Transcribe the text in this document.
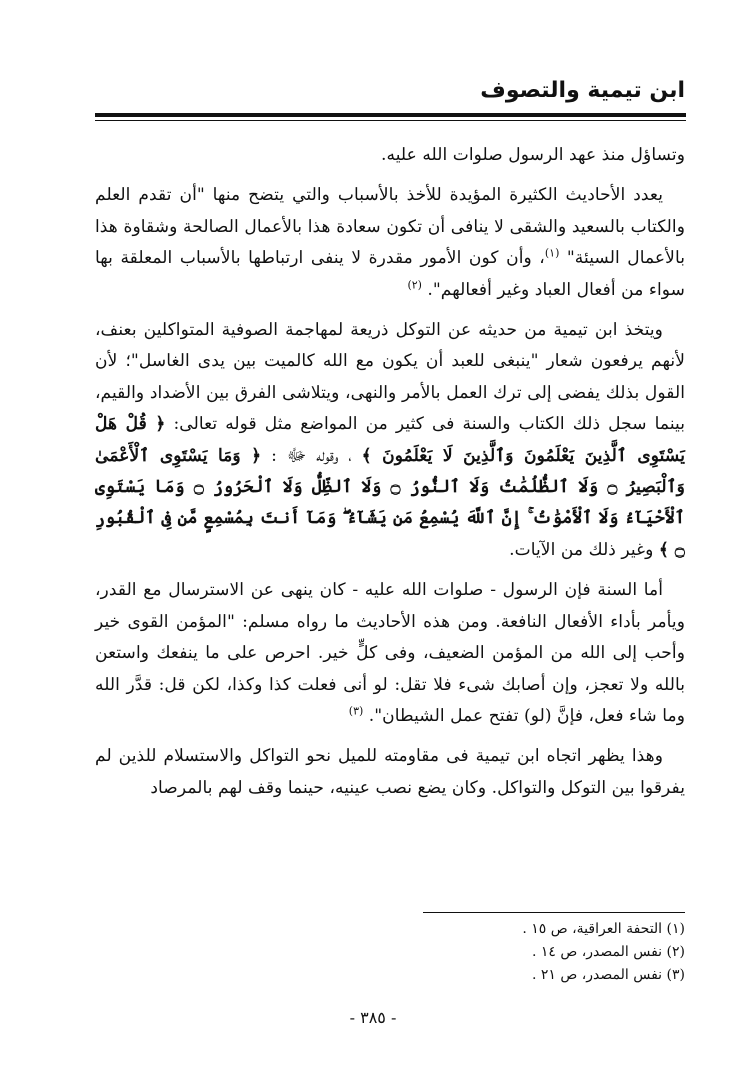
ابن تيمية والتصوف

وتساؤل منذ عهد الرسول صلوات الله عليه.

يعدد الأحاديث الكثيرة المؤيدة للأخذ بالأسباب والتي يتضح منها "أن تقدم العلم والكتاب بالسعيد والشقى لا ينافى أن تكون سعادة هذا بالأعمال الصالحة وشقاوة هذا بالأعمال السيئة" $^{(١)}$، وأن كون الأمور مقدرة لا ينفى ارتباطها بالأسباب المعلقة بها سواء من أفعال العباد وغير أفعالهم". $^{(٢)}$

ويتخذ ابن تيمية من حديثه عن التوكل ذريعة لمهاجمة الصوفية المتواكلين بعنف، لأنهم يرفعون شعار "ينبغى للعبد أن يكون مع الله كالميت بين يدى الغاسل"؛ لأن القول بذلك يفضى إلى ترك العمل بالأمر والنهى، ويتلاشى الفرق بين الأضداد والقيم، بينما سجل ذلك الكتاب والسنة فى كثير من المواضع مثل قوله تعالى: ﴿ قُلْ هَلْ يَسْتَوِى ٱلَّذِينَ يَعْلَمُونَ وَٱلَّذِينَ لَا يَعْلَمُونَ ﴾ ، وقوله ﷻ : ﴿ وَمَا يَسْتَوِى ٱلْأَعْمَىٰ وَٱلْبَصِيرُ ۝ وَلَا ٱلظُّلُمَٰتُ وَلَا ٱلنُّورُ ۝ وَلَا ٱلظِّلُّ وَلَا ٱلْحَرُورُ ۝ وَمَا يَسْتَوِى ٱلْأَحْيَآءُ وَلَا ٱلْأَمْوَٰتُ ۚ إِنَّ ٱللَّهَ يُسْمِعُ مَن يَشَآءُ ۖ وَمَآ أَنتَ بِمُسْمِعٍ مَّن فِى ٱلْقُبُورِ ۝ ﴾ وغير ذلك من الآيات.

أما السنة فإن الرسول - صلوات الله عليه - كان ينهى عن الاسترسال مع القدر، ويأمر بأداء الأفعال النافعة. ومن هذه الأحاديث ما رواه مسلم: "المؤمن القوى خير وأحب إلى الله من المؤمن الضعيف، وفى كلٍّ خير. احرص على ما ينفعك واستعن بالله ولا تعجز، وإن أصابك شىء فلا تقل: لو أنى فعلت كذا وكذا، لكن قل: قدَّر الله وما شاء فعل، فإنَّ (لو) تفتح عمل الشيطان". $^{(٣)}$

وهذا يظهر اتجاه ابن تيمية فى مقاومته للميل نحو التواكل والاستسلام للذين لم يفرقوا بين التوكل والتواكل. وكان يضع نصب عينيه، حينما وقف لهم بالمرصاد

(١) التحفة العراقية، ص ١٥ .
(٢) نفس المصدر، ص ١٤ .
(٣) نفس المصدر، ص ٢١ .
- ٣٨٥ -
